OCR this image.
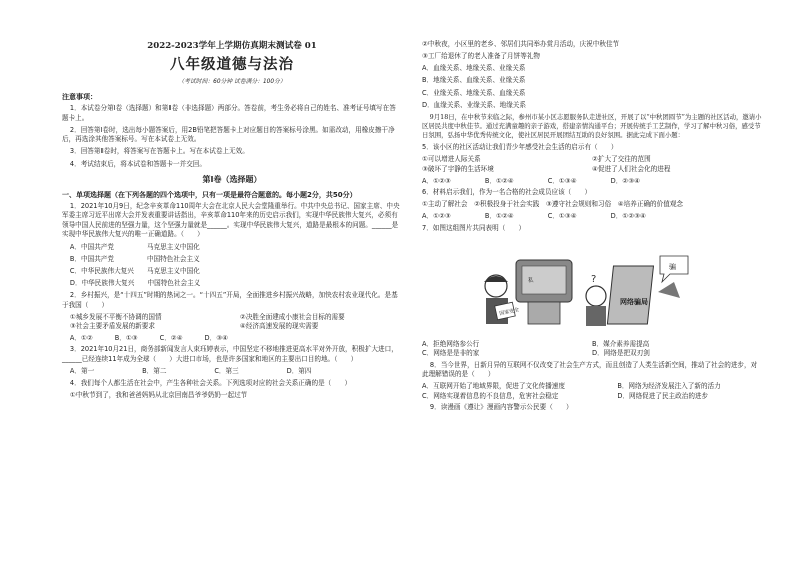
2022-2023学年上学期仿真期末测试卷 01
八年级道德与法治
（考试时间：60分钟 试卷满分：100分）
注意事项：

1．本试卷分第Ⅰ卷（选择题）和第Ⅱ卷（非选择题）两部分。答卷前，考生务必将自己的姓名、准考证号填写在答题卡上。

2．回答第Ⅰ卷时，选出每小题答案后，用2B铅笔把答题卡上对应题目的答案标号涂黑。如需改动，用橡皮擦干净后，再选涂其他答案标号。写在本试卷上无效。

3．回答第Ⅱ卷时，将答案写在答题卡上。写在本试卷上无效。

4．考试结束后，将本试卷和答题卡一并交回。

第Ⅰ卷（选择题）

一、单项选择题（在下列各题的四个选项中，只有一项是最符合题意的。每小题2分，共50分）

1．2021年10月9日，纪念辛亥革命110周年大会在北京人民大会堂隆重举行。中共中央总书记、国家主席、中央军委主席习近平出席大会并发表重要讲话指出，辛亥革命110年来的历史启示我们，实现中华民族伟大复兴，必须有领导中国人民前进的坚强力量，这个坚强力量就是______。实现中华民族伟大复兴，道路是最根本的问题。______是实现中华民族伟大复兴的唯一正确道路。（　　）

A．中国共产党　　　　　马克思主义中国化

B．中国共产党　　　　　中国特色社会主义

C．中华民族伟大复兴　　马克思主义中国化

D．中华民族伟大复兴　　中国特色社会主义

2．乡村振兴，是“十四五”时期的热词之一。“十四五”开局，全面推进乡村振兴战略，加快农村农业现代化。是基于我国（　　）

①城乡发展不平衡不协调的国情	②决胜全面建成小康社会目标的需要
③社会主要矛盾发展的新要求	④经济高速发展的现实需要
A．①②	B．①③	C．②④	D．③④

3．2021年10月21日，商务部新闻发言人束珏婷表示，中国坚定不移地推进更高水平对外开放，积极扩大进口，______已经连续11年成为全球（　　）大进口市场，也是许多国家和地区的主要出口目的地。（　　）

A．第一	B．第二	C．第三	D．第四

4．我们每个人都生活在社会中，产生各种社会关系。下列选项对应的社会关系正确的是（　　）

①中秋节到了，我和爸爸妈妈从北京回南昌爷爷奶奶一起过节

②中秋夜，小区里的老乡、邻居们共同举办赏月活动，庆祝中秋佳节

③工厂给退休了的老人准备了月饼等礼物

A．血缘关系、地缘关系、业缘关系

B．地缘关系、血缘关系、业缘关系

C．业缘关系、地缘关系、血缘关系

D．血缘关系、业缘关系、地缘关系

9月18日，在中秋节来临之际，参州市某小区志愿服务队走进社区，开展了以“中秋团圆节”为主题的社区活动，邀请小区居民共度中秋佳节。通过充满童趣的亲子游戏，搭建亲情沟通平台；开展传统手工艺制作，学习了解中秋习俗，感受节日氛围，弘扬中华优秀传统文化，使社区居民开展团结互助的良好氛围。据此完成下面小题：

5．该小区的社区活动让我们青少年感受社会生活的启示有（　　）

①可以增进人际关系	②扩大了交往的范围
③破坏了宇静的生活环境	④促进了人们社会化的进程
A．①②③	B．①②④	C．①③④	D．②③④

6．材料启示我们，作为一名合格的社会成员应该（　　）

①主动了解社会　②积极投身于社会实践　③遵守社会规则和习俗　④培养正确的价值观念

A．①②③	B．①②④	C．①③④	D．①②③④

7．如图这组图片共同表明（　　）

国家安全
私	?
网络骗局
骗
A．拒绝网络参公行	B．媒介素养需提高
C．网络是是非的家	D．网络是把双刃剑

8．当今世界，日新月异的互联网不仅改变了社会生产方式，而且创造了人类生活新空间，推动了社会的进步，对此理解错误的是（　　）

A．互联网开始了地域界限，促进了文化传播速度	B．网络为经济发展注入了新的活力
C．网络实现着信息的不良信息，危害社会稳定	D．网络促进了民主政治的进步

9．读漫画《遵让》漫画内容警示公民要（　　）
